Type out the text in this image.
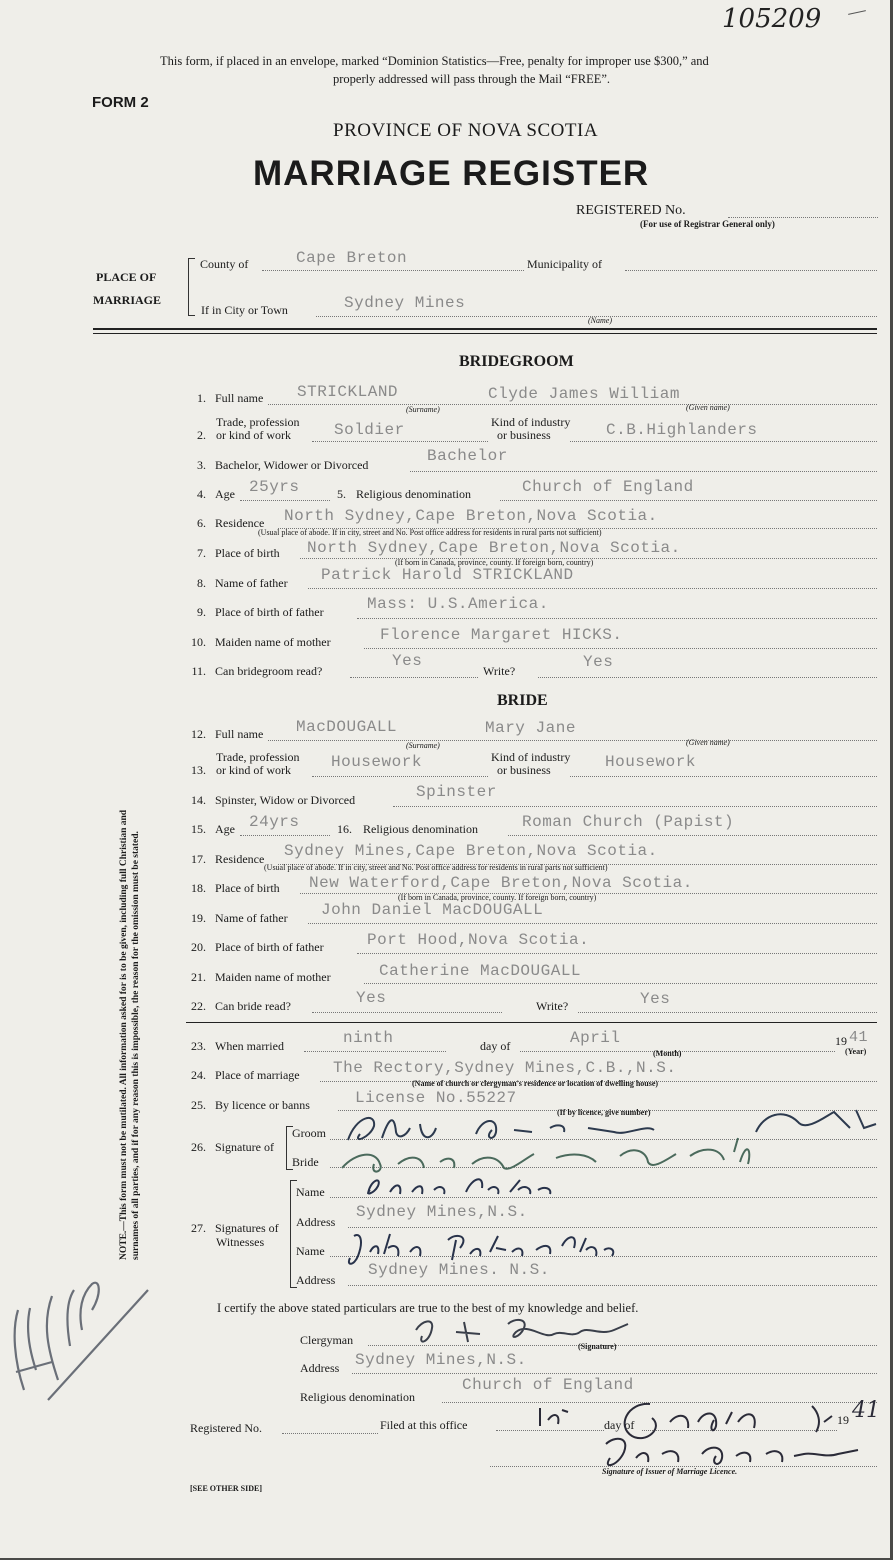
105209
This form, if placed in an envelope, marked “Dominion Statistics—Free, penalty for improper use $300,” and
properly addressed will pass through the Mail “FREE”.
FORM 2
PROVINCE OF NOVA SCOTIA
MARRIAGE REGISTER
REGISTERED No.
(For use of Registrar General only)
PLACE OF
MARRIAGE
County of	Cape Breton	Municipality of
If in City or Town	Sydney Mines
(Name)
BRIDEGROOM
1. Full name STRICKLAND	Clyde James William
(Surname)	(Given name)
2.
Trade, profession
or kind of work	Soldier	Kind of industry
or business	C.B.Highlanders
3. Bachelor, Widower or Divorced	Bachelor
4. Age 25yrs	5. Religious denomination	Church of England
6. Residence North Sydney,Cape Breton,Nova Scotia.
(Usual place of abode. If in city, street and No. Post office address for residents in rural parts not sufficient)
7. Place of birth North Sydney,Cape Breton,Nova Scotia.
(If born in Canada, province, county. If foreign born, country)
8. Name of father Patrick Harold STRICKLAND
9. Place of birth of father	Mass: U.S.America.
10. Maiden name of mother	Florence Margaret HICKS.
11. Can bridegroom read?
Yes
Write?	Yes
BRIDE
12. Full name MacDOUGALL	Mary Jane
(Surname)	(Given name)
13.
Trade, profession
or kind of work	Housework	Kind of industry
or business	Housework
14. Spinster, Widow or Divorced	Spinster
15. Age 24yrs	16. Religious denomination	Roman Church (Papist)
17. Residence Sydney Mines,Cape Breton,Nova Scotia.
(Usual place of abode. If in city, street and No. Post office address for residents in rural parts not sufficient)
18. Place of birth New Waterford,Cape Breton,Nova Scotia.
(If born in Canada, province, county. If foreign born, country)
19. Name of father John Daniel MacDOUGALL
20. Place of birth of father	Port Hood,Nova Scotia.
21. Maiden name of mother	Catherine MacDOUGALL
22. Can bride read?	Yes	Write?	Yes
23. When married	ninth	day of	April	19 41
(Month)	(Year)
24. Place of marriage The Rectory,Sydney Mines,C.B.,N.S.
(Name of church or clergyman's residence or location of dwelling house)
25. By licence or banns	License No.55227
(If by licence, give number)
26. Signature of
Groom
Bride
27. Signatures of
Witnesses
Name
Address
Sydney Mines,N.S.
Name
Address
Sydney Mines. N.S.
I certify the above stated particulars are true to the best of my knowledge and belief.
Clergyman	(Signature)
Address Sydney Mines,N.S.
Religious denomination
Church of England
Registered No.	Filed at this office	day of	19 41
Signature of Issuer of Marriage Licence.
[SEE OTHER SIDE]
NOTE.—This form must not be mutilated. All information asked for is to be given, including full Christian and surnames of all parties, and if for any reason this is impossible, the reason for the omission must be stated.
